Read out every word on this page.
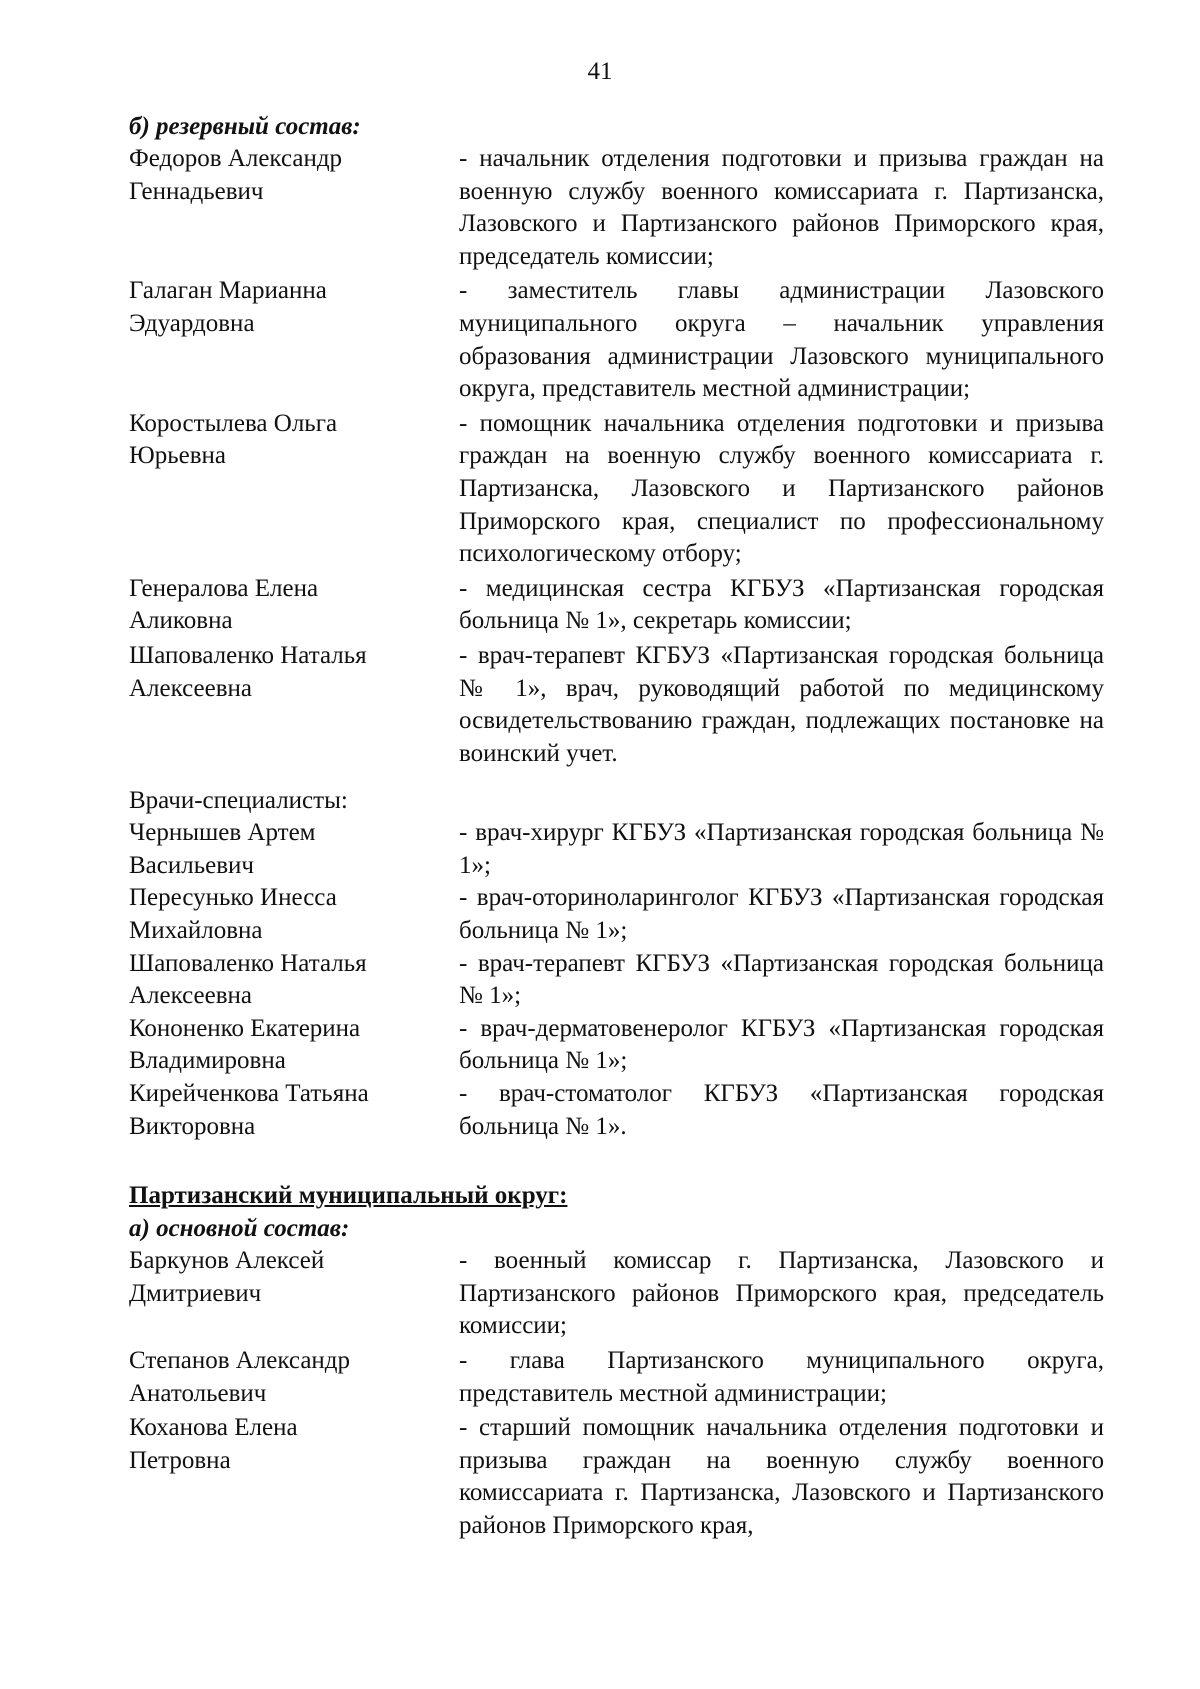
41
б) резервный состав:
Федоров Александр
Геннадьевич
- начальник отделения подготовки и призыва граждан на военную службу военного комиссариата г. Партизанска, Лазовского и Партизанского районов Приморского края, председатель комиссии;
Галаган Марианна
Эдуардовна
- заместитель главы администрации Лазовского муниципального округа – начальник управления образования администрации Лазовского муниципального округа, представитель местной администрации;
Коростылева Ольга
Юрьевна
- помощник начальника отделения подготовки и призыва граждан на военную службу военного комиссариата г. Партизанска, Лазовского и Партизанского районов Приморского края, специалист по профессиональному психологическому отбору;
Генералова Елена
Аликовна
- медицинская сестра КГБУЗ «Партизанская городская больница № 1», секретарь комиссии;
Шаповаленко Наталья
Алексеевна
- врач-терапевт КГБУЗ «Партизанская городская больница № 1», врач, руководящий работой по медицинскому освидетельствованию граждан, подлежащих постановке на воинский учет.
Врачи-специалисты:
Чернышев Артем
Васильевич
- врач-хирург КГБУЗ «Партизанская городская больница № 1»;
Пересунько Инесса
Михайловна
- врач-оториноларинголог КГБУЗ «Партизанская городская больница № 1»;
Шаповаленко Наталья
Алексеевна
- врач-терапевт КГБУЗ «Партизанская городская больница № 1»;
Кононенко Екатерина
Владимировна
- врач-дерматовенеролог КГБУЗ «Партизанская городская больница № 1»;
Кирейченкова Татьяна
Викторовна
- врач-стоматолог КГБУЗ «Партизанская городская больница № 1».
Партизанский муниципальный округ:
а) основной состав:
Баркунов Алексей
Дмитриевич
- военный комиссар г. Партизанска, Лазовского и Партизанского районов Приморского края, председатель комиссии;
Степанов Александр
Анатольевич
- глава Партизанского муниципального округа, представитель местной администрации;
Коханова Елена
Петровна
- старший помощник начальника отделения подготовки и призыва граждан на военную службу военного комиссариата г. Партизанска, Лазовского и Партизанского районов Приморского края,
